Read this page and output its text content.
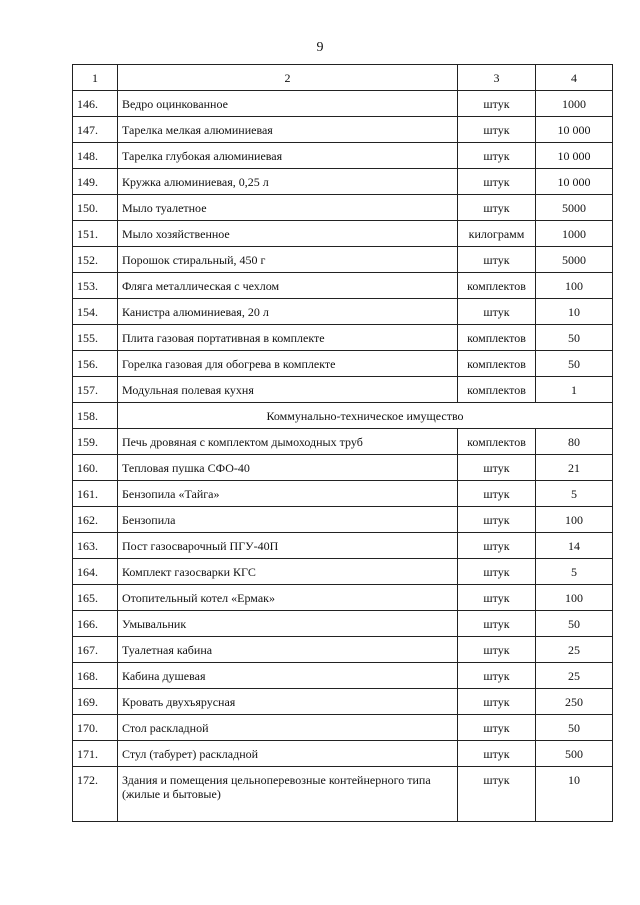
9
1	2	3	4
146.	Ведро оцинкованное	штук	1000
147.	Тарелка мелкая алюминиевая	штук	10 000
148.	Тарелка глубокая алюминиевая	штук	10 000
149.	Кружка алюминиевая, 0,25 л	штук	10 000
150.	Мыло туалетное	штук	5000
151.	Мыло хозяйственное	килограмм	1000
152.	Порошок стиральный, 450 г	штук	5000
153.	Фляга металлическая с чехлом	комплектов	100
154.	Канистра алюминиевая, 20 л	штук	10
155.	Плита газовая портативная в комплекте	комплектов	50
156.	Горелка газовая для обогрева в комплекте	комплектов	50
157.	Модульная полевая кухня	комплектов	1
158.	Коммунально-техническое имущество		
159.	Печь дровяная с комплектом дымоходных труб	комплектов	80
160.	Тепловая пушка СФО-40	штук	21
161.	Бензопила «Тайга»	штук	5
162.	Бензопила	штук	100
163.	Пост газосварочный ПГУ-40П	штук	14
164.	Комплект газосварки КГС	штук	5
165.	Отопительный котел «Ермак»	штук	100
166.	Умывальник	штук	50
167.	Туалетная кабина	штук	25
168.	Кабина душевая	штук	25
169.	Кровать двухъярусная	штук	250
170.	Стол раскладной	штук	50
171.	Стул (табурет) раскладной	штук	500
172.	Здания и помещения цельноперевозные контейнерного типа (жилые и бытовые)	штук	10
